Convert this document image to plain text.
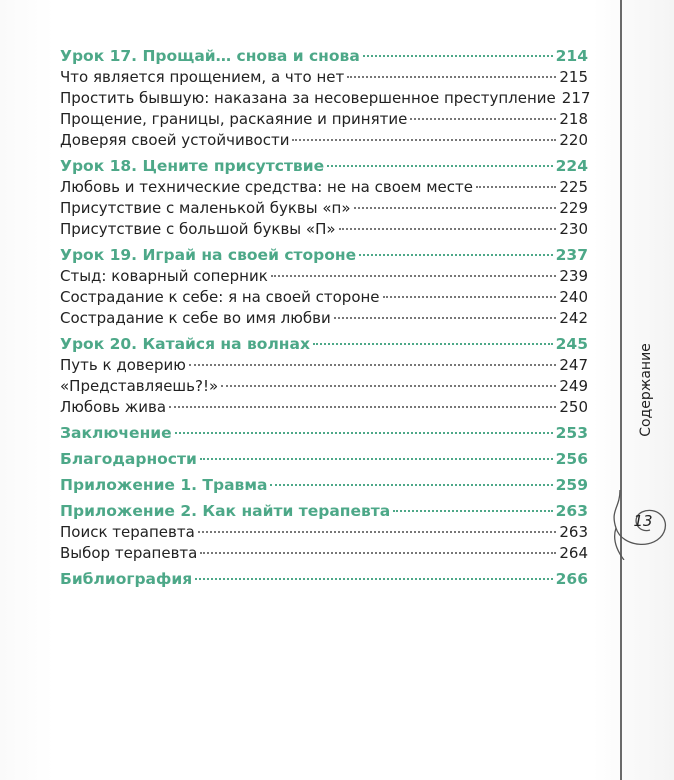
Урок 17. Прощай… снова и снова	214
Что является прощением, а что нет	215
Простить бывшую: наказана за несовершенное преступление 217
Прощение, границы, раскаяние и принятие	218
Доверяя своей устойчивости	220
Урок 18. Цените присутствие	224
Любовь и технические средства: не на своем месте	225
Присутствие с маленькой буквы «п»	229
Присутствие с большой буквы «П»	230
Урок 19. Играй на своей стороне	237
Стыд: коварный соперник	239
Сострадание к себе: я на своей стороне	240
Сострадание к себе во имя любви	242
Урок 20. Катайся на волнах	245
Путь к доверию	247
«Представляешь?!»	249
Любовь жива	250
Заключение	253
Благодарности	256
Приложение 1. Травма	259
Приложение 2. Как найти терапевта	263
Поиск терапевта	263
Выбор терапевта	264
Библиография	266
Содержание
13
